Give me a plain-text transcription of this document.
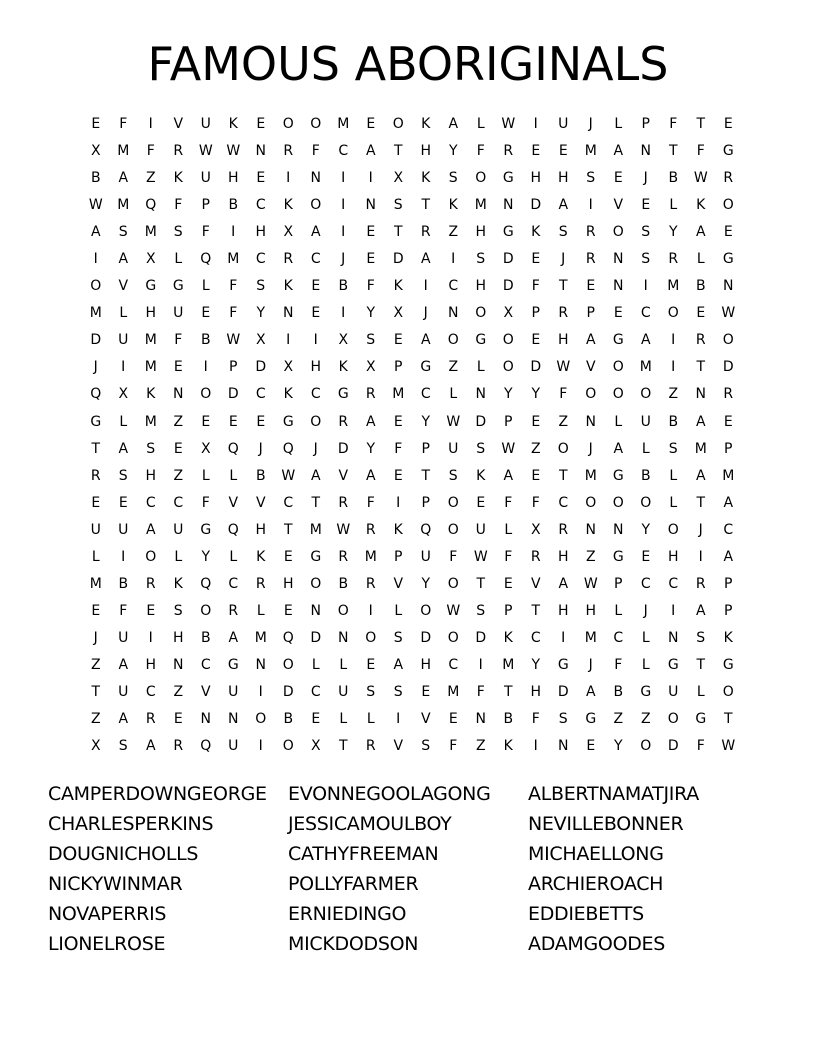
FAMOUS ABORIGINALS
E	F	I	V	U	K	E	O	O	M	E	O	K	A	L	W	I	U	J	L	P	F	T	E
X	M	F	R	W W	N	R	F	C	A	T	H	Y	F	R	E	E	M	A	N	T	F	G
B	A	Z	K	U	H	E	I	N	I	I	X	K	S	O	G	H	H	S	E	J	B	W	R
W	M	Q	F	P	B	C	K	O	I	N	S	T	K	M	N	D	A	I	V	E	L	K	O
A	S	M	S	F	I	H	X	A	I	E	T	R	Z	H	G	K	S	R	O	S	Y	A	E
I	A	X	L	Q	M	C	R	C	J	E	D	A	I	S	D	E	J	R	N	S	R	L	G
O	V	G	G	L	F	S	K	E	B	F	K	I	C	H	D	F	T	E	N	I	M	B	N
M	L	H	U	E	F	Y	N	E	I	Y	X	J	N	O	X	P	R	P	E	C	O	E	W
D	U	M	F	B	W	X	I	I	X	S	E	A	O	G	O	E	H	A	G	A	I	R	O
J	I	M	E	I	P	D	X	H	K	X	P	G	Z	L	O	D	W	V	O	M	I	T	D
Q	X	K	N	O	D	C	K	C	G	R	M	C	L	N	Y	Y	F	O	O	O	Z	N	R
G	L	M	Z	E	E	E	G	O	R	A	E	Y	W	D	P	E	Z	N	L	U	B	A	E
T	A	S	E	X	Q	J	Q	J	D	Y	F	P	U	S	W	Z	O	J	A	L	S	M	P
R	S	H	Z	L	L	B	W	A	V	A	E	T	S	K	A	E	T	M	G	B	L	A	M
E	E	C	C	F	V	V	C	T	R	F	I	P	O	E	F	F	C	O	O	O	L	T	A
U	U	A	U	G	Q	H	T	M	W	R	K	Q	O	U	L	X	R	N	N	Y	O	J	C
L	I	O	L	Y	L	K	E	G	R	M	P	U	F	W	F	R	H	Z	G	E	H	I	A
M	B	R	K	Q	C	R	H	O	B	R	V	Y	O	T	E	V	A	W	P	C	C	R	P
E	F	E	S	O	R	L	E	N	O	I	L	O	W	S	P	T	H	H	L	J	I	A	P
J	U	I	H	B	A	M	Q	D	N	O	S	D	O	D	K	C	I	M	C	L	N	S	K
Z	A	H	N	C	G	N	O	L	L	E	A	H	C	I	M	Y	G	J	F	L	G	T	G
T	U	C	Z	V	U	I	D	C	U	S	S	E	M	F	T	H	D	A	B	G	U	L	O
Z	A	R	E	N	N	O	B	E	L	L	I	V	E	N	B	F	S	G	Z	Z	O	G	T
X	S	A	R	Q	U	I	O	X	T	R	V	S	F	Z	K	I	N	E	Y	O	D	F	W
CAMPERDOWNGEORGE
CHARLESPERKINS
DOUGNICHOLLS
NICKYWINMAR
NOVAPERRIS
LIONELROSE
EVONNEGOOLAGONG
JESSICAMOULBOY
CATHYFREEMAN
POLLYFARMER
ERNIEDINGO
MICKDODSON
ALBERTNAMATJIRA
NEVILLEBONNER
MICHAELLONG
ARCHIEROACH
EDDIEBETTS
ADAMGOODES
